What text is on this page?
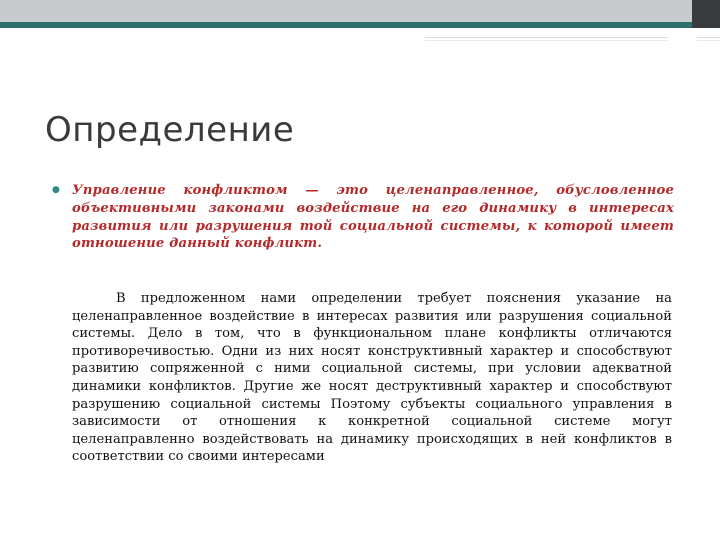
Определение
● Управление конфликтом — это целенаправленное, обусловленное объективными законами воздействие на его динамику в интересах развития или разрушения той социальной системы, к которой имеет отношение данный конфликт.
В предложенном нами определении требует пояснения указание на целенаправленное воздействие в интересах развития или разрушения социальной системы. Дело в том, что в функциональном плане конфликты отличаются противоречивостью. Одни из них носят конструктивный характер и способствуют развитию сопряженной с ними социальной системы, при условии адекватной динамики конфликтов. Другие же носят деструктивный характер и способствуют разрушению социальной системы Поэтому субъекты социального управления в зависимости от отношения к конкретной социальной системе могут целенаправленно воздействовать на динамику происходящих в ней конфликтов в соответствии со своими интересами
